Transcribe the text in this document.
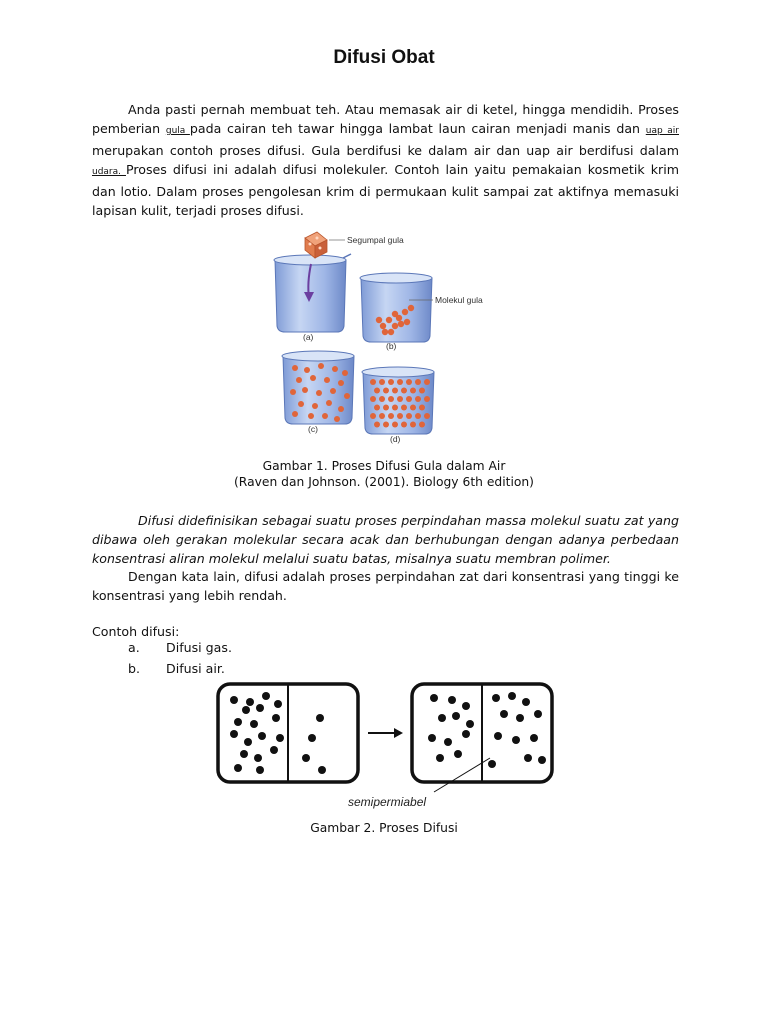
Difusi Obat

Anda pasti pernah membuat teh. Atau memasak air di ketel, hingga mendidih. Proses pemberian gula pada cairan teh tawar hingga lambat laun cairan menjadi manis dan uap air merupakan contoh proses difusi. Gula berdifusi ke dalam air dan uap air berdifusi dalam udara. Proses difusi ini adalah difusi molekuler. Contoh lain yaitu pemakaian kosmetik krim dan lotio. Dalam proses pengolesan krim di permukaan kulit sampai zat aktifnya memasuki lapisan kulit, terjadi proses difusi.

Segumpal gula
(a)
Molekul gula
(b)
(c)
(d)
Gambar 1. Proses Difusi Gula dalam Air
(Raven dan Johnson. (2001). Biology 6th edition)

Difusi didefinisikan sebagai suatu proses perpindahan massa molekul suatu zat yang dibawa oleh gerakan molekular secara acak dan berhubungan dengan adanya perbedaan konsentrasi aliran molekul melalui suatu batas, misalnya suatu membran polimer.

Dengan kata lain, difusi adalah proses perpindahan zat dari konsentrasi yang tinggi ke konsentrasi yang lebih rendah.

Contoh difusi:
a. Difusi gas.
b. Difusi air.
semipermiabel
Gambar 2. Proses Difusi
